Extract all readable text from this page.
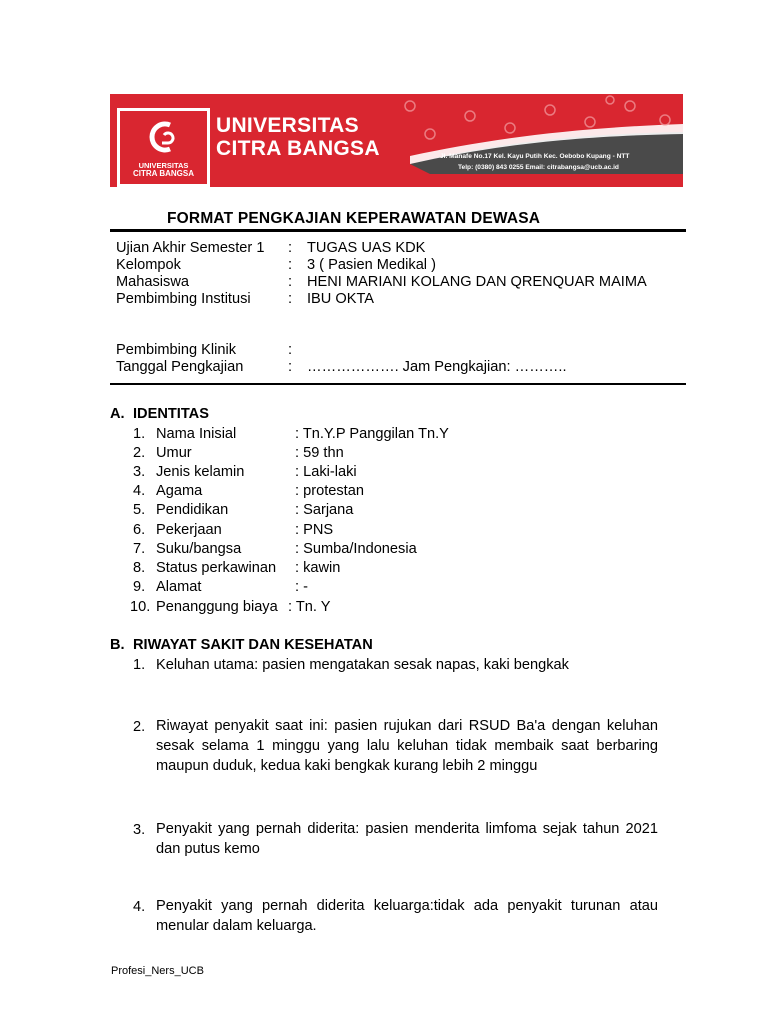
UNIVERSITAS
CITRA BANGSA
UNIVERSITAS
CITRA BANGSA	Jl. Manafe No.17 Kel. Kayu Putih Kec. Oebobo Kupang - NTT
Telp: (0380) 843 0255 Email: citrabangsa@ucb.ac.id
FORMAT PENGKAJIAN KEPERAWATAN DEWASA
Ujian Akhir Semester 1 : TUGAS UAS KDK
Kelompok	: 3 ( Pasien Medikal )
Mahasiswa	: HENI MARIANI KOLANG DAN QRENQUAR MAIMA
Pembimbing Institusi	: IBU OKTA
Pembimbing Klinik	:
Tanggal Pengkajian	: ………………. Jam Pengkajian: ………..
A. IDENTITAS
1. Nama Inisial	: Tn.Y.P Panggilan Tn.Y
2. Umur	: 59 thn
3. Jenis kelamin	: Laki-laki
4. Agama	: protestan
5. Pendidikan	: Sarjana
6. Pekerjaan	: PNS
7. Suku/bangsa	: Sumba/Indonesia
8. Status perkawinan : kawin
9. Alamat	: -
10. Penanggung biaya : Tn. Y
B. RIWAYAT SAKIT DAN KESEHATAN
1. Keluhan utama: pasien mengatakan sesak napas, kaki bengkak
2. Riwayat penyakit saat ini: pasien rujukan dari RSUD Ba'a dengan keluhan sesak selama 1 minggu yang lalu keluhan tidak membaik saat berbaring maupun duduk, kedua kaki bengkak kurang lebih 2 minggu
3. Penyakit yang pernah diderita: pasien menderita limfoma sejak tahun 2021 dan putus kemo
4. Penyakit yang pernah diderita keluarga:tidak ada penyakit turunan atau menular dalam keluarga.
Profesi_Ners_UCB
